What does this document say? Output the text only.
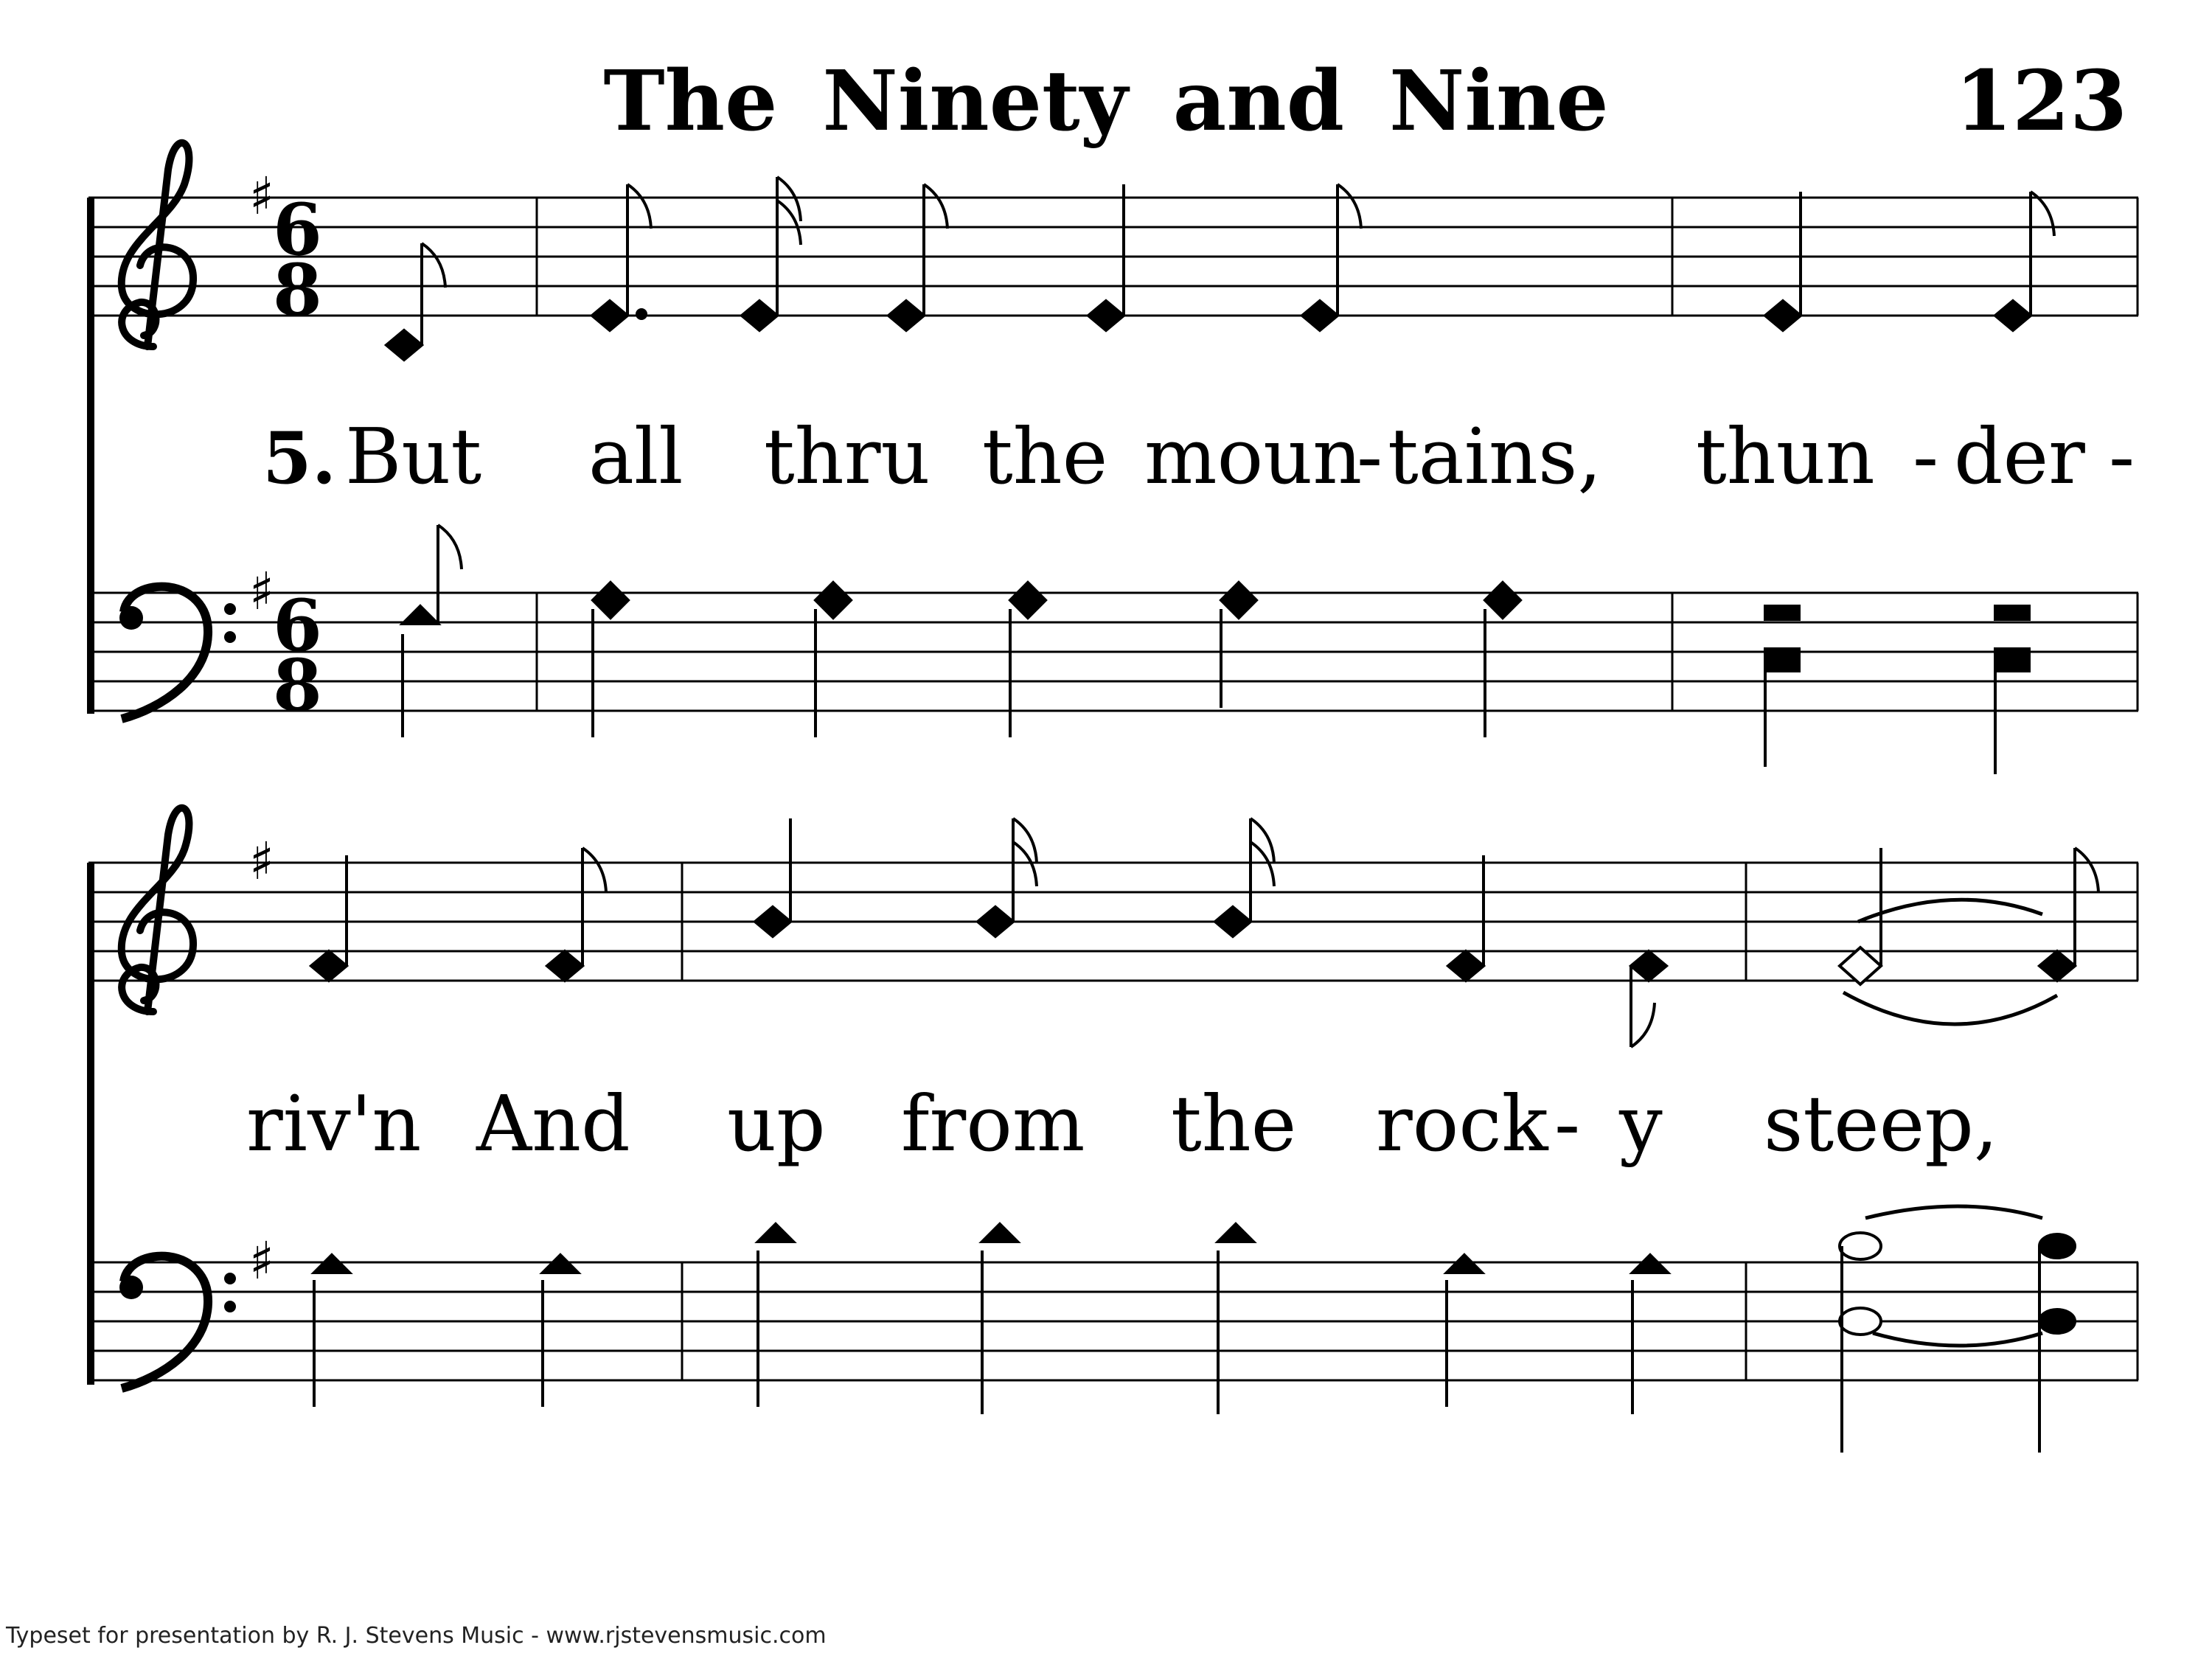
The Ninety and Nine	123
♯
♯
6
8
6
8
5. But all thru the moun
- tains, thun - der -
♯
♯
riv'n And up from the rock - y steep,
Typeset for presentation by R. J. Stevens Music - www.rjstevensmusic.com
